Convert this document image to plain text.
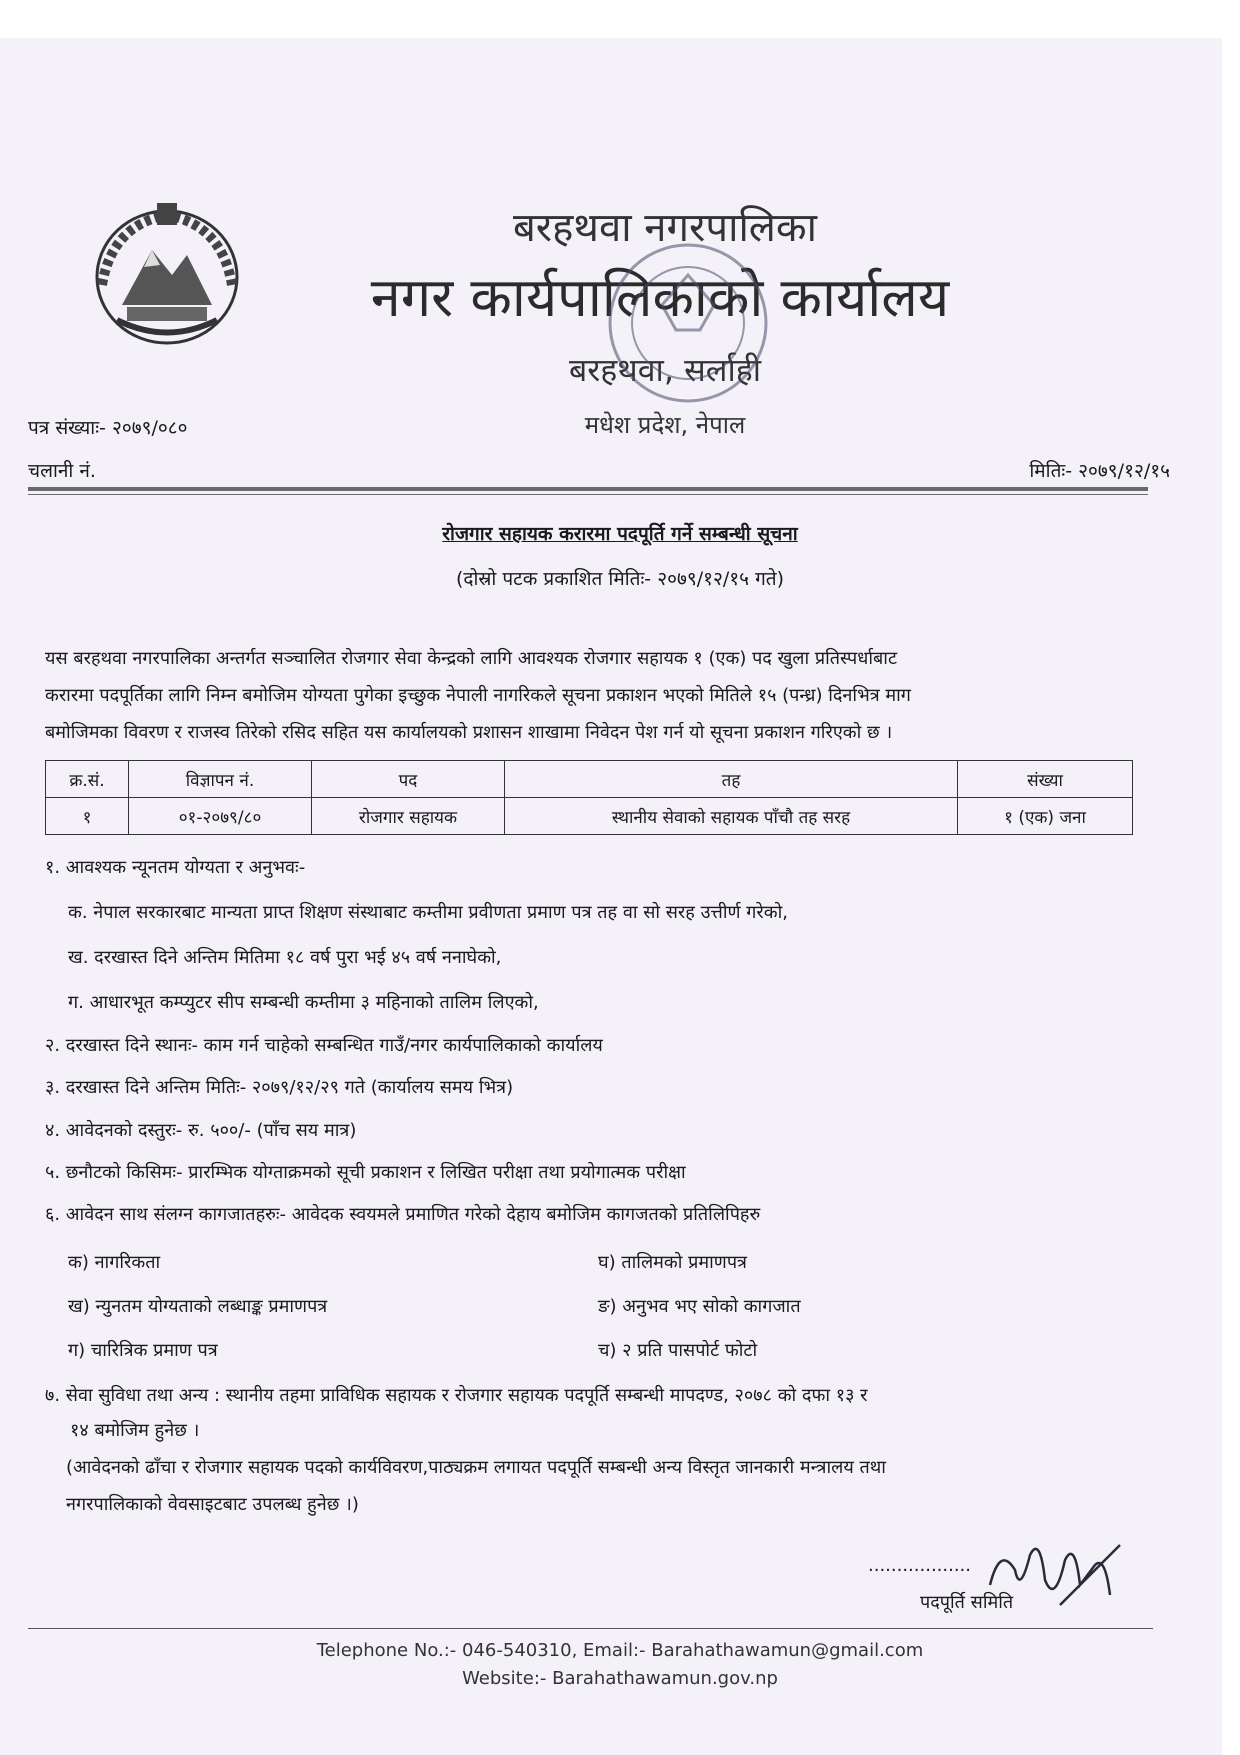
बरहथवा नगरपालिका
नगर कार्यपालिकाको कार्यालय
बरहथवा, सर्लाही
मधेश प्रदेश, नेपाल
पत्र संख्याः- २०७९/०८०
चलानी नं.	मितिः- २०७९/१२/१५
रोजगार सहायक करारमा पदपूर्ति गर्ने सम्बन्धी सूचना
(दोस्रो पटक प्रकाशित मितिः- २०७९/१२/१५ गते)
यस बरहथवा नगरपालिका अन्तर्गत सञ्चालित रोजगार सेवा केन्द्रको लागि आवश्यक रोजगार सहायक १ (एक) पद खुला प्रतिस्पर्धाबाट
करारमा पदपूर्तिका लागि निम्न बमोजिम योग्यता पुगेका इच्छुक नेपाली नागरिकले सूचना प्रकाशन भएको मितिले १५ (पन्ध्र) दिनभित्र माग
बमोजिमका विवरण र राजस्व तिरेको रसिद सहित यस कार्यालयको प्रशासन शाखामा निवेदन पेश गर्न यो सूचना प्रकाशन गरिएको छ ।
क्र.सं.	विज्ञापन नं.	पद	तह	संख्या
१	०१-२०७९/८०	रोजगार सहायक	स्थानीय सेवाको सहायक पाँचौ तह सरह	१ (एक) जना
१. आवश्यक न्यूनतम योग्यता र अनुभवः-
क. नेपाल सरकारबाट मान्यता प्राप्त शिक्षण संस्थाबाट कम्तीमा प्रवीणता प्रमाण पत्र तह वा सो सरह उत्तीर्ण गरेको,
ख. दरखास्त दिने अन्तिम मितिमा १८ वर्ष पुरा भई ४५ वर्ष ननाघेको,
ग. आधारभूत कम्प्युटर सीप सम्बन्धी कम्तीमा ३ महिनाको तालिम लिएको,
२. दरखास्त दिने स्थानः- काम गर्न चाहेको सम्बन्धित गाउँ/नगर कार्यपालिकाको कार्यालय
३. दरखास्त दिने अन्तिम मितिः- २०७९/१२/२९ गते (कार्यालय समय भित्र)
४. आवेदनको दस्तुरः- रु. ५००/- (पाँच सय मात्र)
५. छनौटको किसिमः- प्रारम्भिक योग्ताक्रमको सूची प्रकाशन र लिखित परीक्षा तथा प्रयोगात्मक परीक्षा
६. आवेदन साथ संलग्न कागजातहरुः- आवेदक स्वयमले प्रमाणित गरेको देहाय बमोजिम कागजतको प्रतिलिपिहरु
क) नागरिकता
ख) न्युनतम योग्यताको लब्धाङ्क प्रमाणपत्र
ग) चारित्रिक प्रमाण पत्र
घ) तालिमको प्रमाणपत्र
ङ) अनुभव भए सोको कागजात
च) २ प्रति पासपोर्ट फोटो
७. सेवा सुविधा तथा अन्य : स्थानीय तहमा प्राविधिक सहायक र रोजगार सहायक पदपूर्ति सम्बन्धी मापदण्ड, २०७८ को दफा १३ र
१४ बमोजिम हुनेछ ।
(आवेदनको ढाँचा र रोजगार सहायक पदको कार्यविवरण,पाठ्यक्रम लगायत पदपूर्ति सम्बन्धी अन्य विस्तृत जानकारी मन्त्रालय तथा
नगरपालिकाको वेवसाइटबाट उपलब्ध हुनेछ ।)
..................
पदपूर्ति समिति
Telephone No.:- 046-540310, Email:- Barahathawamun@gmail.com
Website:- Barahathawamun.gov.np
